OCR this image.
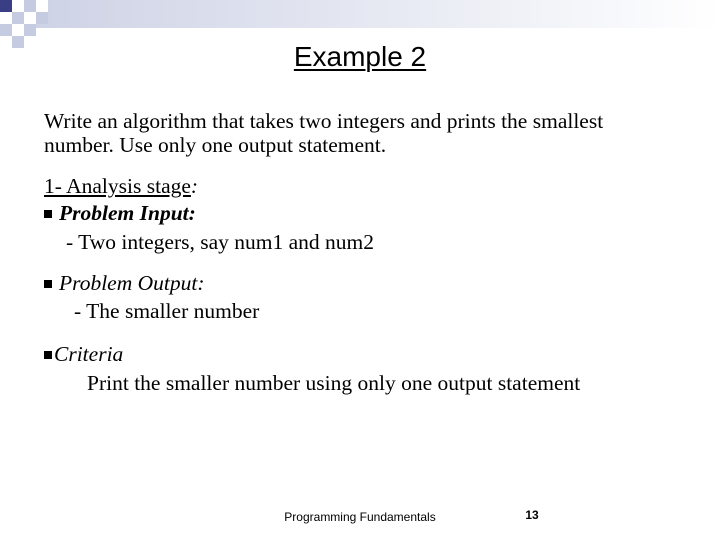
Example 2
Write an algorithm that takes two integers and prints the smallest
number. Use only one output statement.
1- Analysis stage:
Problem Input:
- Two integers, say num1 and num2
Problem Output:
- The smaller number
Criteria
Print the smaller number using only one output statement
Programming Fundamentals	13
